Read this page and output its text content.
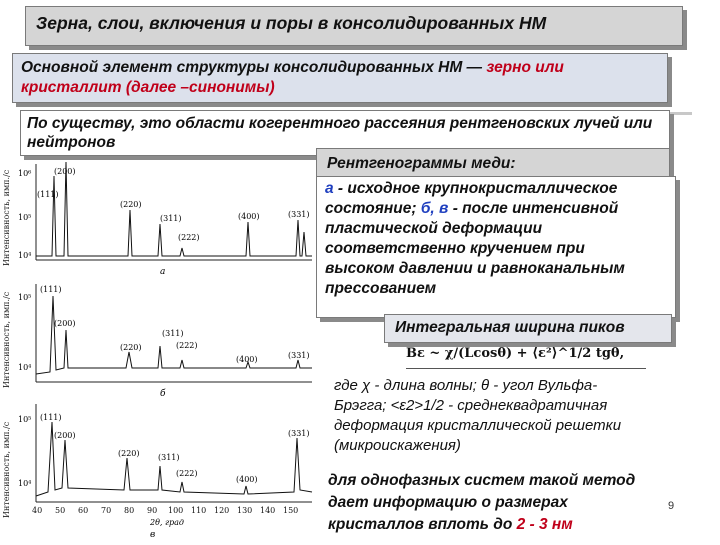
Зерна, слои, включения и поры в консолидированных НМ
Основной элемент структуры консолидированных НМ — зерно или
кристаллит (далее –синонимы)
По существу, это области когерентного рассеяния рентгеновских лучей или нейтронов
Интенсивность, имп./с
Интенсивность, имп./с
Интенсивность, имп./с
10⁶
10⁵
10⁴
(200)
(111)
(220)
(311)
(222)
(400)	(331)
а
10⁵
10⁴
(111)
(200)
(220)
(311)
(222)
(400)	(331)
б
10⁵
10⁴
(111)
(200)
(220) (311)
(222)
(400)
(331)
40 50 60 70 80 90 100 110 120 130 140 150
2θ, град
в
Рентгенограммы меди:
а - исходное крупнокристаллическое
состояние; б, в - после интенсивной
пластической деформации
соответственно кручением при
высоком давлении и равноканальным
прессованием
Интегральная ширина пиков
Bε ~ χ/(Lcosθ) + ⟨ε²⟩^1/2 tgθ,
где χ - длина волны; θ - угол Вульфа-
Брэгга; <ε2>1/2 - среднеквадратичная
деформация кристаллической решетки
(микроискажения)
для однофазных систем такой метод
дает информацию о размерах
кристаллов вплоть до 2 - 3 нм
9
